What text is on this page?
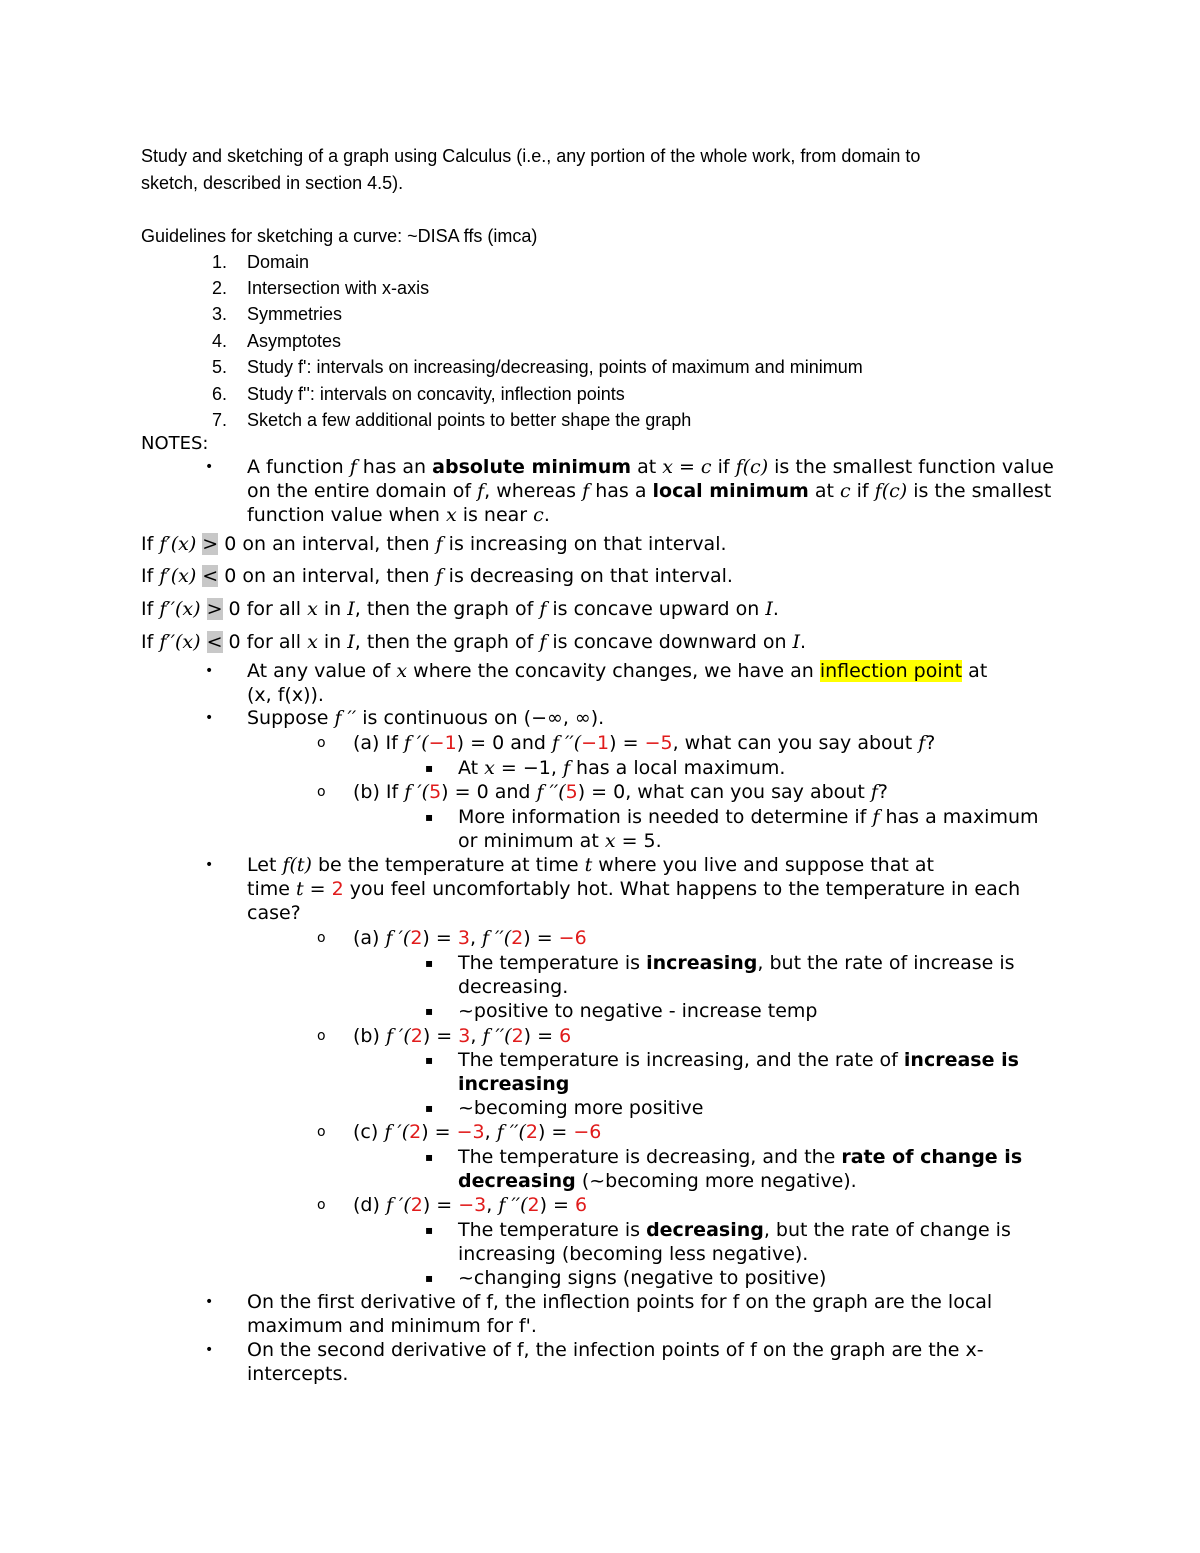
Study and sketching of a graph using Calculus (i.e., any portion of the whole work, from domain to
sketch, described in section 4.5).
Guidelines for sketching a curve: ~DISA ffs (imca)
1. Domain
2. Intersection with x-axis
3. Symmetries
4. Asymptotes
5. Study f': intervals on increasing/decreasing, points of maximum and minimum
6. Study f'': intervals on concavity, inflection points
7. Sketch a few additional points to better shape the graph
NOTES:
• A function f has an absolute minimum at x = c if f(c) is the smallest function value
on the entire domain of f, whereas f has a local minimum at c if f(c) is the smallest
function value when x is near c.
If f′(x) > 0 on an interval, then f is increasing on that interval.
If f′(x) < 0 on an interval, then f is decreasing on that interval.
If f′′(x) > 0 for all x in I, then the graph of f is concave upward on I.
If f′′(x) < 0 for all x in I, then the graph of f is concave downward on I.
• At any value of x where the concavity changes, we have an inflection point at
(x, f(x)).
• Suppose f ′′ is continuous on (−∞, ∞).
o (a) If f ′(−1) = 0 and f ′′(−1) = −5, what can you say about f?
▪ At x = −1, f has a local maximum.
o (b) If f ′(5) = 0 and f ′′(5) = 0, what can you say about f?
▪ More information is needed to determine if f has a maximum
or minimum at x = 5.
• Let f(t) be the temperature at time t where you live and suppose that at
time t = 2 you feel uncomfortably hot. What happens to the temperature in each
case?
o (a) f ′(2) = 3, f ′′(2) = −6
▪ The temperature is increasing, but the rate of increase is
decreasing.
▪ ~positive to negative - increase temp
o (b) f ′(2) = 3, f ′′(2) = 6
▪ The temperature is increasing, and the rate of increase is
increasing
▪ ~becoming more positive
o (c) f ′(2) = −3, f ′′(2) = −6
▪ The temperature is decreasing, and the rate of change is
decreasing (~becoming more negative).
o (d) f ′(2) = −3, f ′′(2) = 6
▪ The temperature is decreasing, but the rate of change is
increasing (becoming less negative).
▪ ~changing signs (negative to positive)
• On the first derivative of f, the inflection points for f on the graph are the local
maximum and minimum for f'.
• On the second derivative of f, the infection points of f on the graph are the x-
intercepts.
